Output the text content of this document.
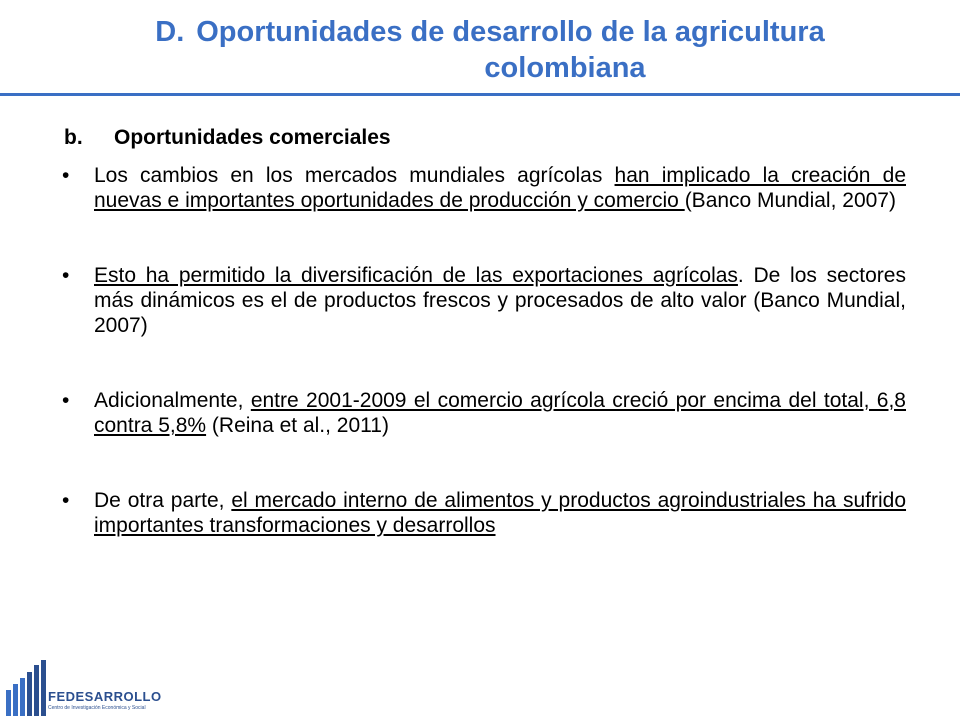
D. Oportunidades de desarrollo de la agricultura
colombiana
b. Oportunidades comerciales
• Los cambios en los mercados mundiales agrícolas han implicado la creación de nuevas e importantes oportunidades de producción y comercio (Banco Mundial, 2007)
• Esto ha permitido la diversificación de las exportaciones agrícolas. De los sectores más dinámicos es el de productos frescos y procesados de alto valor (Banco Mundial, 2007)
• Adicionalmente, entre 2001-2009 el comercio agrícola creció por encima del total, 6,8 contra 5,8% (Reina et al., 2011)
• De otra parte, el mercado interno de alimentos y productos agroindustriales ha sufrido importantes transformaciones y desarrollos
FEDESARROLLO
Centro de Investigación Económica y Social
